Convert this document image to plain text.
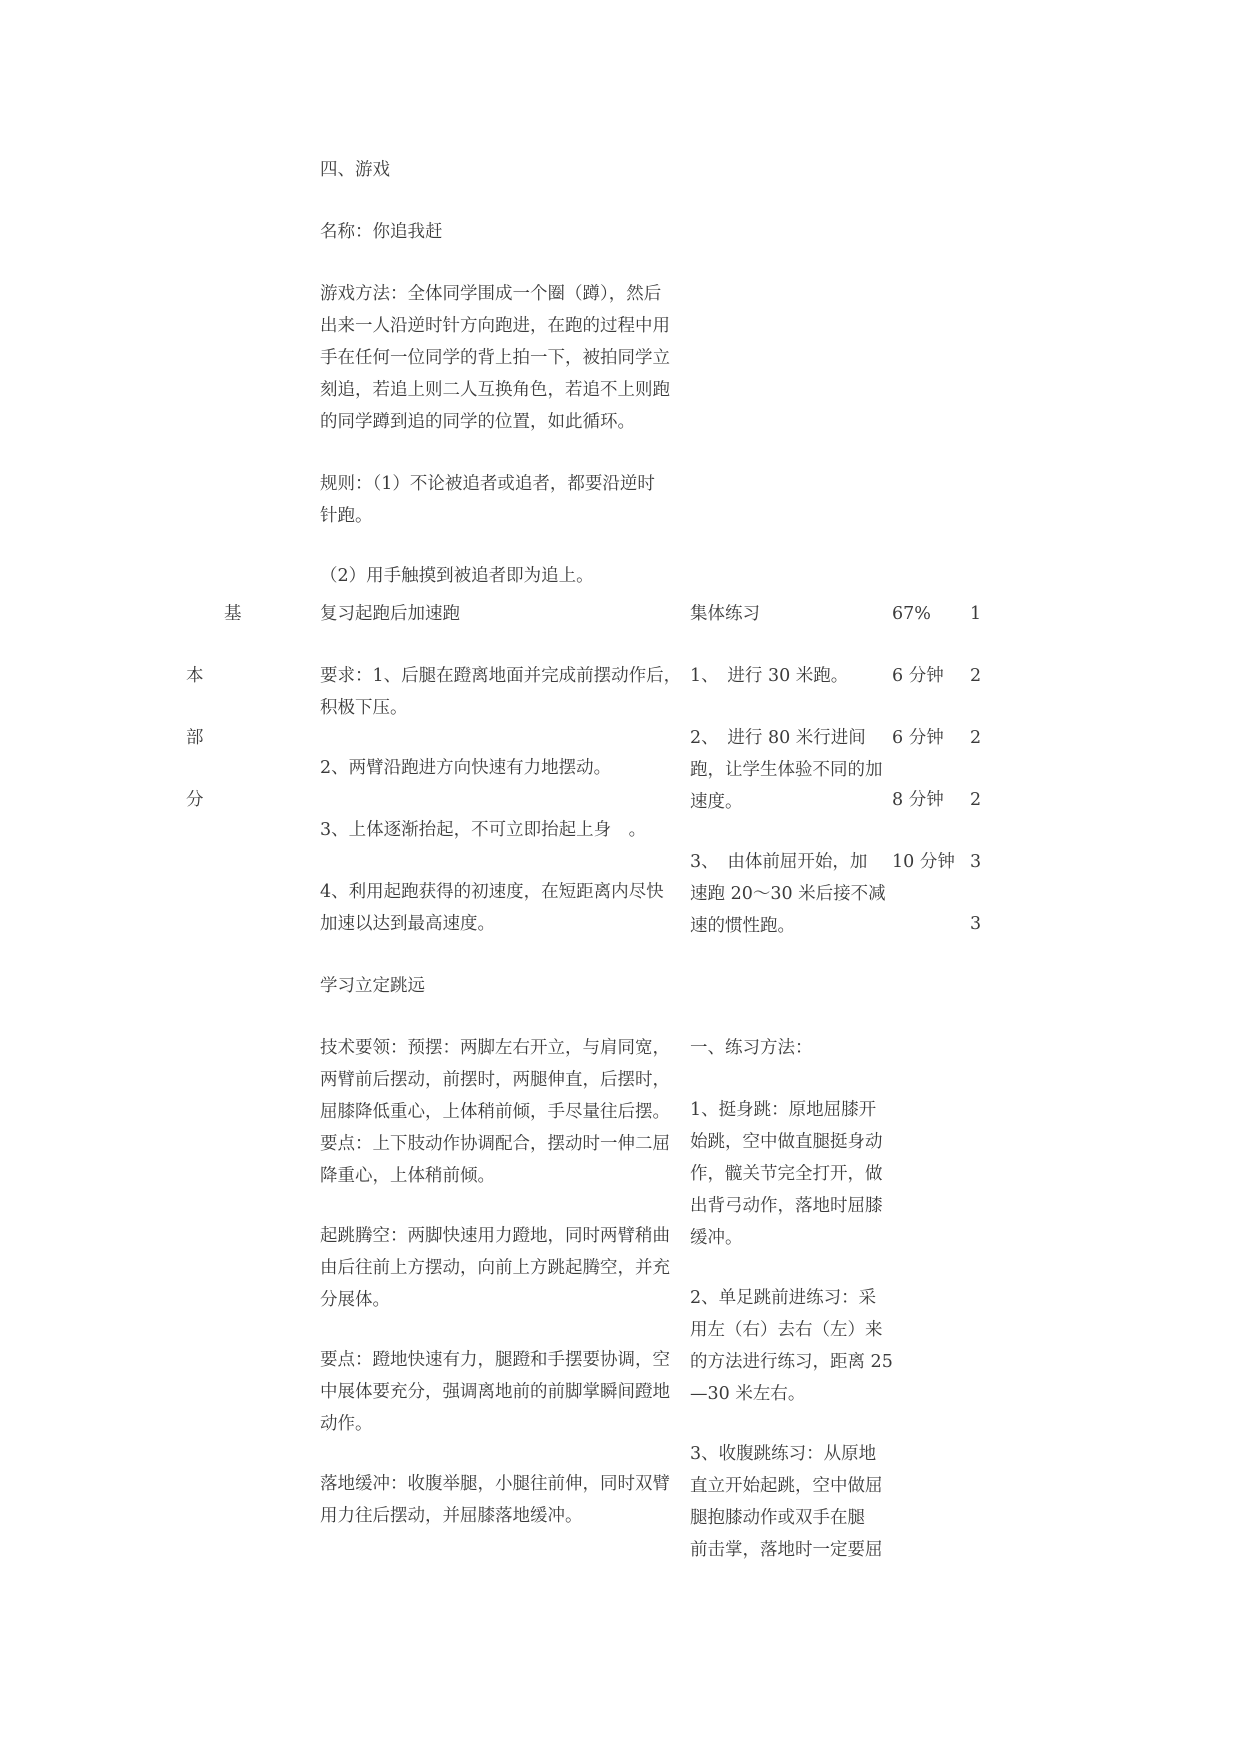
四、游戏
名称：你追我赶
游戏方法：全体同学围成一个圈（蹲），然后
出来一人沿逆时针方向跑进，在跑的过程中用
手在任何一位同学的背上拍一下，被拍同学立
刻追，若追上则二人互换角色，若追不上则跑
的同学蹲到追的同学的位置，如此循环。
规则：（1）不论被追者或追者，都要沿逆时
针跑。
（2）用手触摸到被追者即为追上。
基
本
部
分
复习起跑后加速跑
要求：1、后腿在蹬离地面并完成前摆动作后，
积极下压。
2、两臂沿跑进方向快速有力地摆动。
3、上体逐渐抬起，不可立即抬起上身　。
4、利用起跑获得的初速度，在短距离内尽快
加速以达到最高速度。
集体练习
1、　进行 30 米跑。
2、　进行 80 米行进间
跑，让学生体验不同的加
速度。
3、　由体前屈开始，加
速跑 20～30 米后接不减
速的惯性跑。
67%
6 分钟
6 分钟
8 分钟
10 分钟
1
2
2
2
3
3
学习立定跳远
技术要领：预摆：两脚左右开立，与肩同宽，
两臂前后摆动，前摆时，两腿伸直，后摆时，
屈膝降低重心，上体稍前倾，手尽量往后摆。
要点：上下肢动作协调配合，摆动时一伸二屈
降重心，上体稍前倾。
起跳腾空：两脚快速用力蹬地，同时两臂稍曲
由后往前上方摆动，向前上方跳起腾空，并充
分展体。
要点：蹬地快速有力，腿蹬和手摆要协调，空
中展体要充分，强调离地前的前脚掌瞬间蹬地
动作。
落地缓冲：收腹举腿，小腿往前伸，同时双臂
用力往后摆动，并屈膝落地缓冲。
一、练习方法：
1、挺身跳：原地屈膝开
始跳，空中做直腿挺身动
作，髋关节完全打开，做
出背弓动作，落地时屈膝
缓冲。
2、单足跳前进练习：采
用左（右）去右（左）来
的方法进行练习，距离 25
—30 米左右。
3、收腹跳练习：从原地
直立开始起跳，空中做屈
腿抱膝动作或双手在腿
前击掌，落地时一定要屈
